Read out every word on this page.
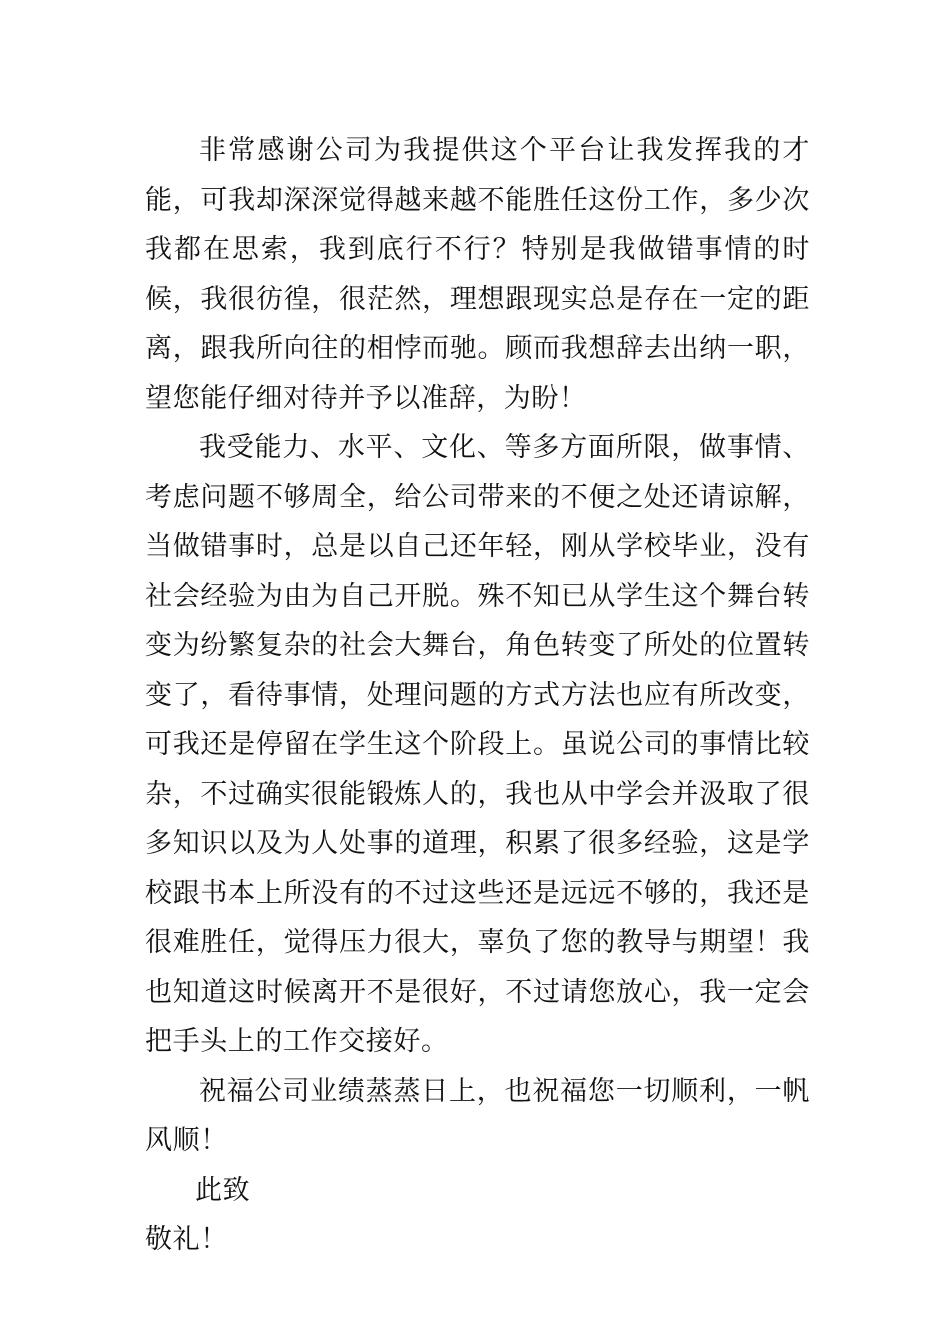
非常感谢公司为我提供这个平台让我发挥我的才能，可我却深深觉得越来越不能胜任这份工作，多少次我都在思索，我到底行不行？特别是我做错事情的时候，我很彷徨，很茫然，理想跟现实总是存在一定的距离，跟我所向往的相悖而驰。顾而我想辞去出纳一职，望您能仔细对待并予以准辞，为盼！

我受能力、水平、文化、等多方面所限，做事情、考虑问题不够周全，给公司带来的不便之处还请谅解，当做错事时，总是以自己还年轻，刚从学校毕业，没有社会经验为由为自己开脱。殊不知已从学生这个舞台转变为纷繁复杂的社会大舞台，角色转变了所处的位置转变了，看待事情，处理问题的方式方法也应有所改变，可我还是停留在学生这个阶段上。虽说公司的事情比较杂，不过确实很能锻炼人的，我也从中学会并汲取了很多知识以及为人处事的道理，积累了很多经验，这是学校跟书本上所没有的不过这些还是远远不够的，我还是很难胜任，觉得压力很大，辜负了您的教导与期望！我也知道这时候离开不是很好，不过请您放心，我一定会把手头上的工作交接好。

祝福公司业绩蒸蒸日上，也祝福您一切顺利，一帆风顺！

此致

敬礼！
